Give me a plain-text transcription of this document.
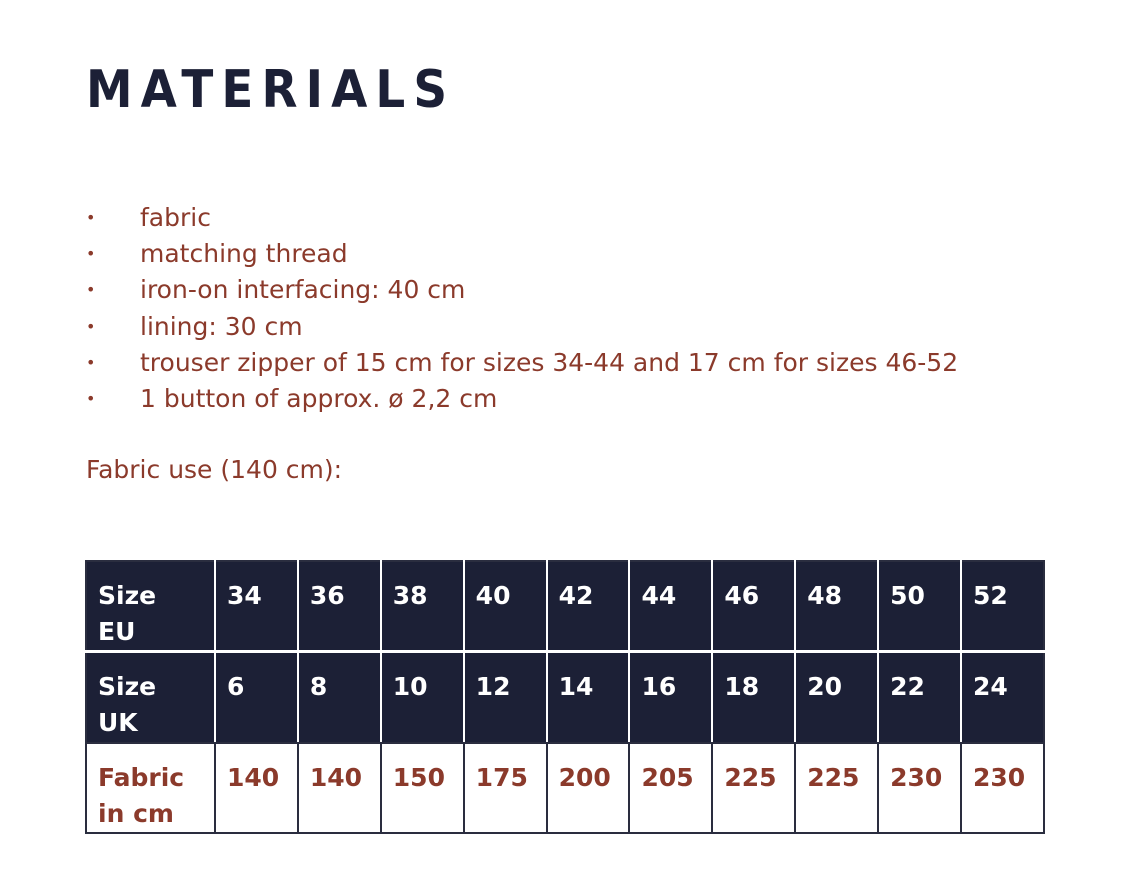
MATERIALS
• fabric
• matching thread
• iron-on interfacing: 40 cm
• lining: 30 cm
• trouser zipper of 15 cm for sizes 34-44 and 17 cm for sizes 46-52
• 1 button of approx. ø 2,2 cm

Fabric use (140 cm):

Size
EU	34	36	38	40	42	44	46	48	50	52

Size
UK	6	8	10	12	14	16	18	20	22	24

Fabric
in cm	140	140	150	175	200	205	225	225	230	230
